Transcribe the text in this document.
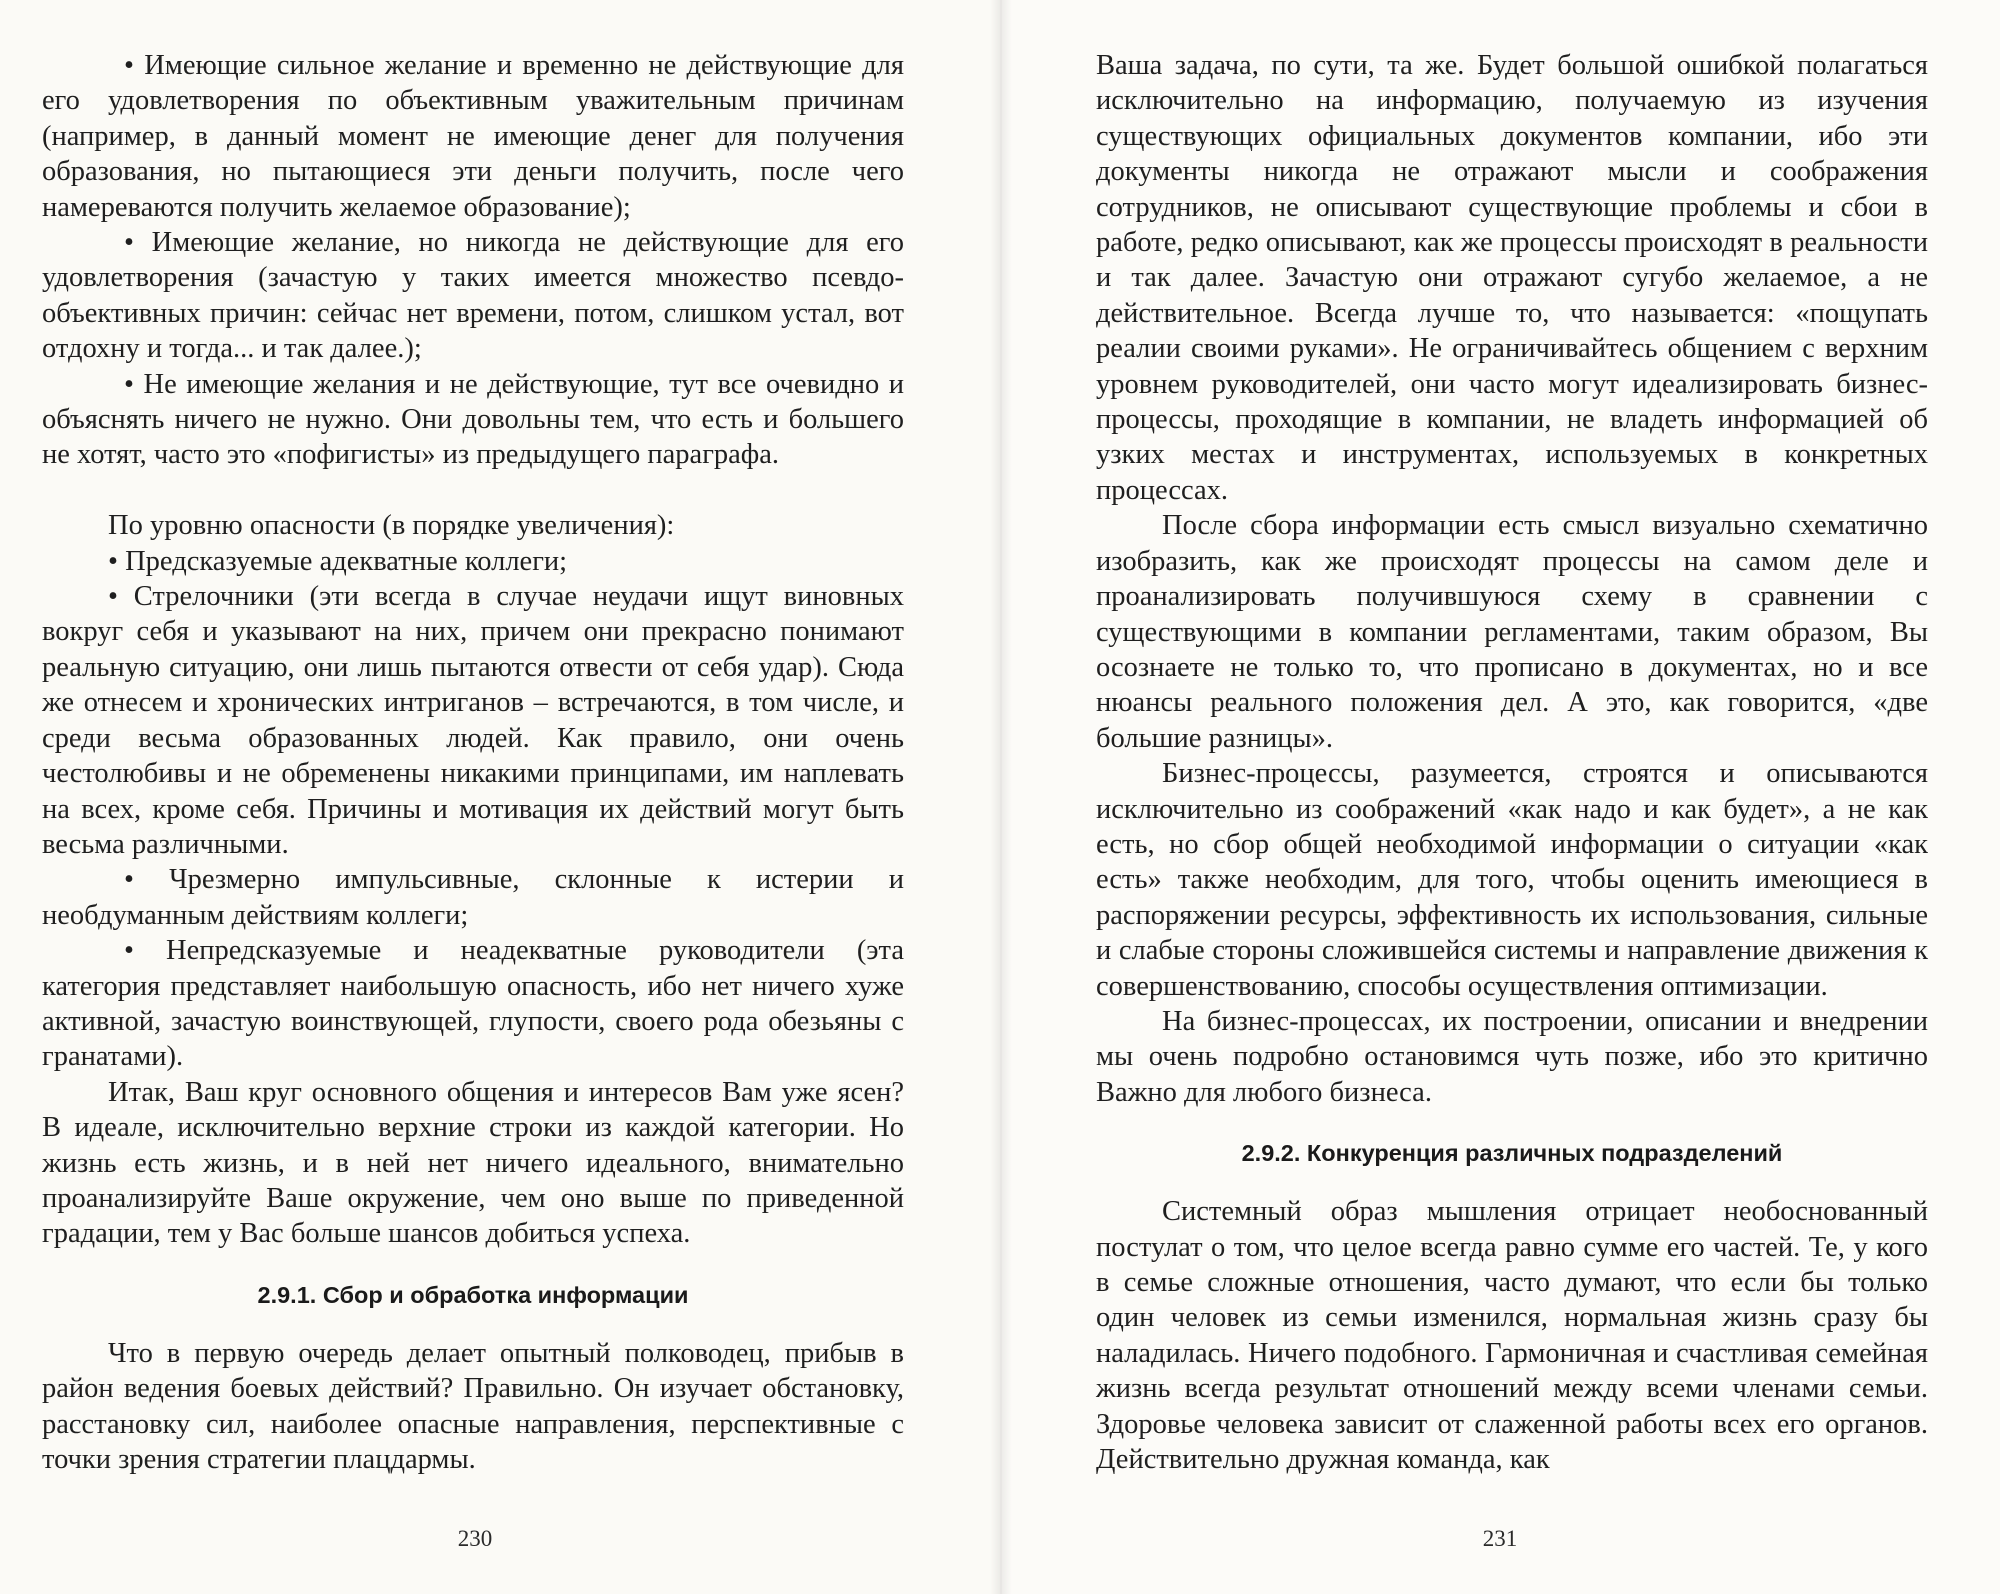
• Имеющие сильное желание и временно не действующие для его удовлетворения по объективным уважительным причинам (например, в данный момент не имеющие денег для получения образования, но пытающиеся эти деньги получить, после чего намереваются получить желаемое образование);

• Имеющие желание, но никогда не действующие для его удовлетворения (зачастую у таких имеется множество псевдо-объективных причин: сейчас нет времени, потом, слишком устал, вот отдохну и тогда... и так далее.);

• Не имеющие желания и не действующие, тут все очевидно и объяснять ничего не нужно. Они довольны тем, что есть и большего не хотят, часто это «пофигисты» из предыдущего параграфа.

По уровню опасности (в порядке увеличения):

• Предсказуемые адекватные коллеги;

• Стрелочники (эти всегда в случае неудачи ищут виновных вокруг себя и указывают на них, причем они прекрасно понимают реальную ситуацию, они лишь пытаются отвести от себя удар). Сюда же отнесем и хронических интриганов – встречаются, в том числе, и среди весьма образованных людей. Как правило, они очень честолюбивы и не обременены никакими принципами, им наплевать на всех, кроме себя. Причины и мотивация их действий могут быть весьма различными.

• Чрезмерно импульсивные, склонные к истерии и необдуманным действиям коллеги;

• Непредсказуемые и неадекватные руководители (эта категория представляет наибольшую опасность, ибо нет ничего хуже активной, зачастую воинствующей, глупости, своего рода обезьяны с гранатами).

Итак, Ваш круг основного общения и интересов Вам уже ясен? В идеале, исключительно верхние строки из каждой категории. Но жизнь есть жизнь, и в ней нет ничего идеального, внимательно проанализируйте Ваше окружение, чем оно выше по приведенной градации, тем у Вас больше шансов добиться успеха.

2.9.1. Сбор и обработка информации

Что в первую очередь делает опытный полководец, прибыв в район ведения боевых действий? Правильно. Он изучает обстановку, расстановку сил, наиболее опасные направления, перспективные с точки зрения стратегии плацдармы.

230

Ваша задача, по сути, та же. Будет большой ошибкой полагаться исключительно на информацию, получаемую из изучения существующих официальных документов компании, ибо эти документы никогда не отражают мысли и соображения сотрудников, не описывают существующие проблемы и сбои в работе, редко описывают, как же процессы происходят в реальности и так далее. Зачастую они отражают сугубо желаемое, а не действительное. Всегда лучше то, что называется: «пощупать реалии своими руками». Не ограничивайтесь общением с верхним уровнем руководителей, они часто могут идеализировать бизнес-процессы, проходящие в компании, не владеть информацией об узких местах и инструментах, используемых в конкретных процессах.

После сбора информации есть смысл визуально схематично изобразить, как же происходят процессы на самом деле и проанализировать получившуюся схему в сравнении с существующими в компании регламентами, таким образом, Вы осознаете не только то, что прописано в документах, но и все нюансы реального положения дел. А это, как говорится, «две большие разницы».

Бизнес-процессы, разумеется, строятся и описываются исключительно из соображений «как надо и как будет», а не как есть, но сбор общей необходимой информации о ситуации «как есть» также необходим, для того, чтобы оценить имеющиеся в распоряжении ресурсы, эффективность их использования, сильные и слабые стороны сложившейся системы и направление движения к совершенствованию, способы осуществления оптимизации.

На бизнес-процессах, их построении, описании и внедрении мы очень подробно остановимся чуть позже, ибо это критично Важно для любого бизнеса.

2.9.2. Конкуренция различных подразделений

Системный образ мышления отрицает необоснованный постулат о том, что целое всегда равно сумме его частей. Те, у кого в семье сложные отношения, часто думают, что если бы только один человек из семьи изменился, нормальная жизнь сразу бы наладилась. Ничего подобного. Гармоничная и счастливая семейная жизнь всегда результат отношений между всеми членами семьи. Здоровье человека зависит от слаженной работы всех его органов. Действительно дружная команда, как

231
